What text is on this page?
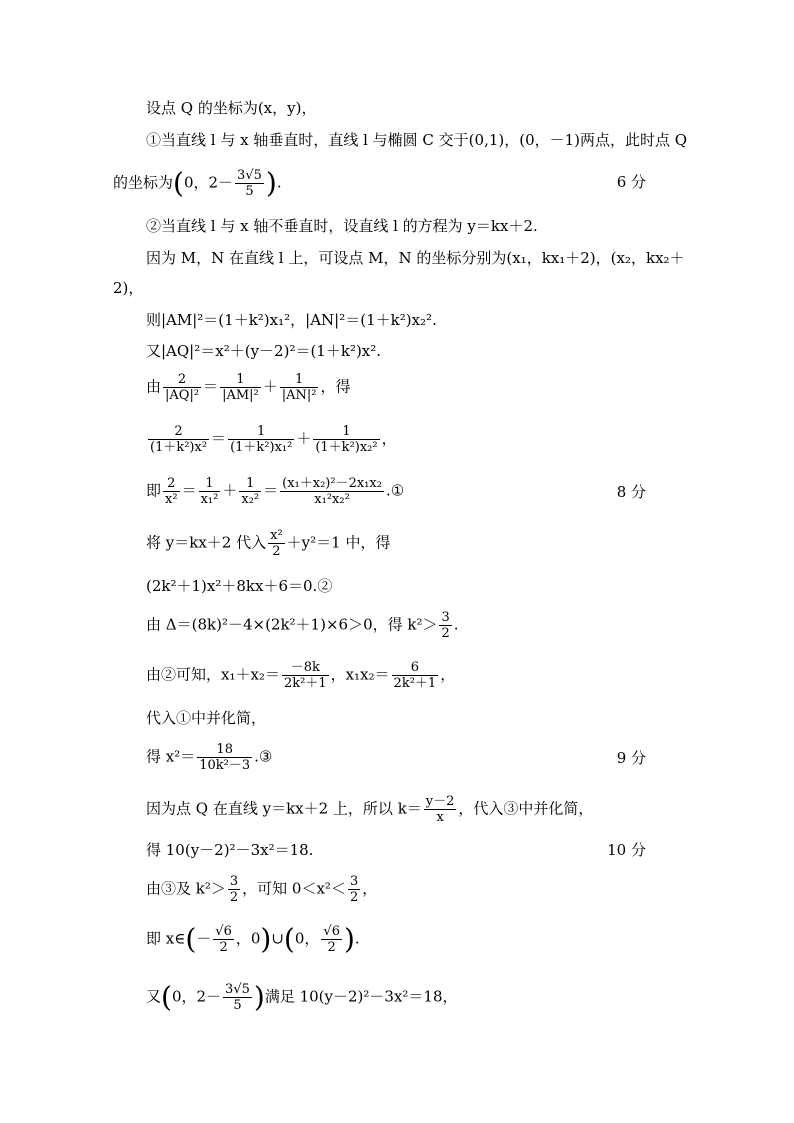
设点 Q 的坐标为(x，y)，
①当直线 l 与 x 轴垂直时，直线 l 与椭圆 C 交于(0,1)，(0，－1)两点，此时点 Q
的坐标为(0，$2- \frac{3√5}{5}$ ).	6 分
②当直线 l 与 x 轴不垂直时，设直线 l 的方程为 y＝kx＋2.
因为 M，N 在直线 l 上，可设点 M，N 的坐标分别为(x₁，kx₁＋2)，(x₂，kx₂＋
2)，
则|AM|²＝(1＋k²)x₁²，|AN|²＝(1＋k²)x₂².
又|AQ|²＝x²＋(y－2)²＝(1＋k²)x².
由 $\frac{2}{\text{|AQ|²}} = \frac{1}{\text{|AM|²}} + \frac{1}{\text{|AN|²}}$ ，得
$\frac{2}{\text{(1＋k²)x²}} = \frac{1}{\text{(1＋k²)x₁²}} + \frac{1}{\text{(1＋k²)x₂²}}$ ，
即 $\frac{2}{\text{x²}} = \frac{1}{\text{x₁²}} + \frac{1}{\text{x₂²}} = \frac{\text{(x₁＋x₂)²－2x₁x₂}}{\text{x₁²x₂²}}$ .①	8 分
将 y＝kx＋2 代入 $\frac{\text{x²}}{2} +y^2=1$ 中，得
(2k²＋1)x²＋8kx＋6＝0.②
由 Δ＝(8k)²－4×(2k²＋1)×6＞0，得 $k^2> \frac{3}{2}$ .
由②可知，$x_1+x_2= \frac{-8k}{\text{2k²＋1}}$ ，$x_1x_2= \frac{6}{\text{2k²＋1}}$ ，
代入①中并化简，
得 $x^2= \frac{18}{\text{10k²－3}}$ .③	9 分
因为点 Q 在直线 y＝kx＋2 上，所以 $k= \frac{y-2}{x}$ ，代入③中并化简，
得 10(y－2)²－3x²＝18.	10 分
由③及 $k^2> \frac{3}{2}$ ，可知 $0<x^2< \frac{3}{2}$ ，
即 x∈(－ $\frac{√6}{2}$ ，0)∪(0， $\frac{√6}{2}$ ).
又(0，$2- \frac{3√5}{5}$ )满足 10(y－2)²－3x²＝18，
